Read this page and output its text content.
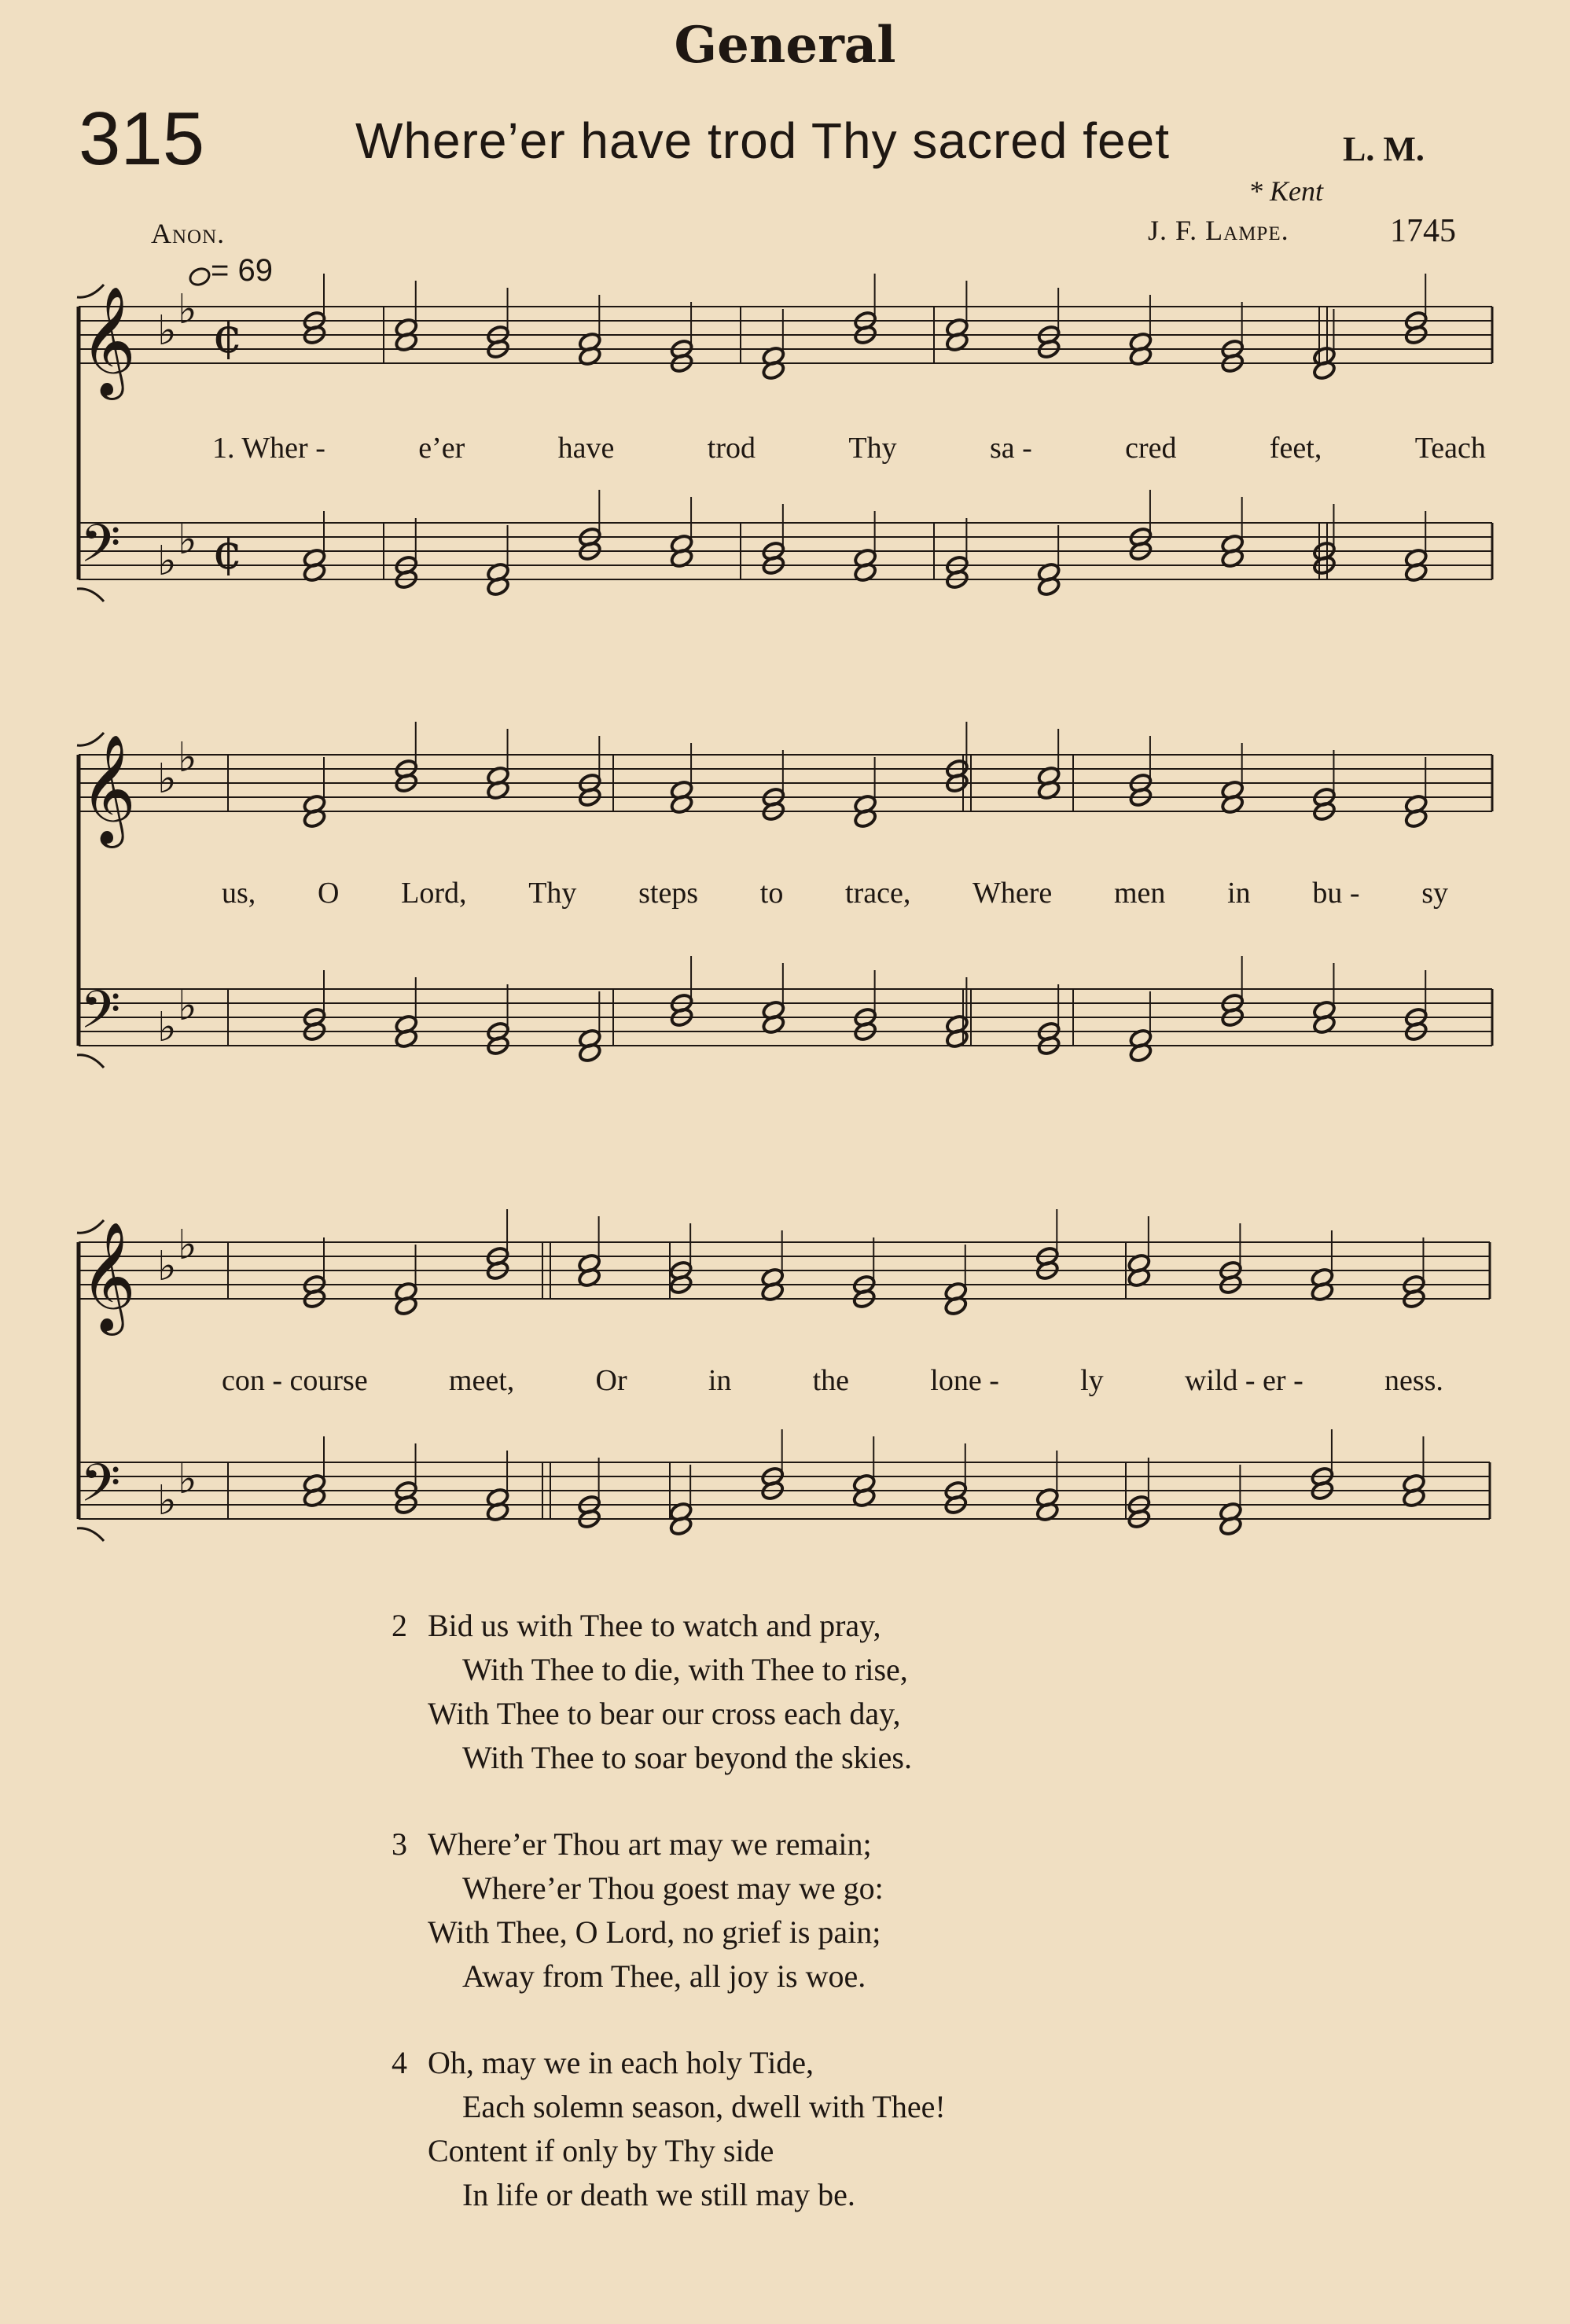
General
315	Where’er have trod Thy sacred feet	L. M.
* Kent
Anon.	J. F. Lampe.	1745
𝄞 ♭ ♭ ¢
𝄢 ♭ ♭ ¢
𝄞 ♭ ♭
𝄢 ♭ ♭
𝄞 ♭ ♭
𝄢 ♭ ♭
= 69
1. Wher -	e’er	have	trod	Thy	sa -	cred	feet,	Teach
us, O Lord, Thy steps to trace, Where men in bu - sy
con - course	meet,	Or	in	the	lone -	ly	wild - er -	ness.
2 Bid us with Thee to watch and pray,
With Thee to die, with Thee to rise,
With Thee to bear our cross each day,
With Thee to soar beyond the skies.
3 Where’er Thou art may we remain;
Where’er Thou goest may we go:
With Thee, O Lord, no grief is pain;
Away from Thee, all joy is woe.
4 Oh, may we in each holy Tide,
Each solemn season, dwell with Thee!
Content if only by Thy side
In life or death we still may be.
